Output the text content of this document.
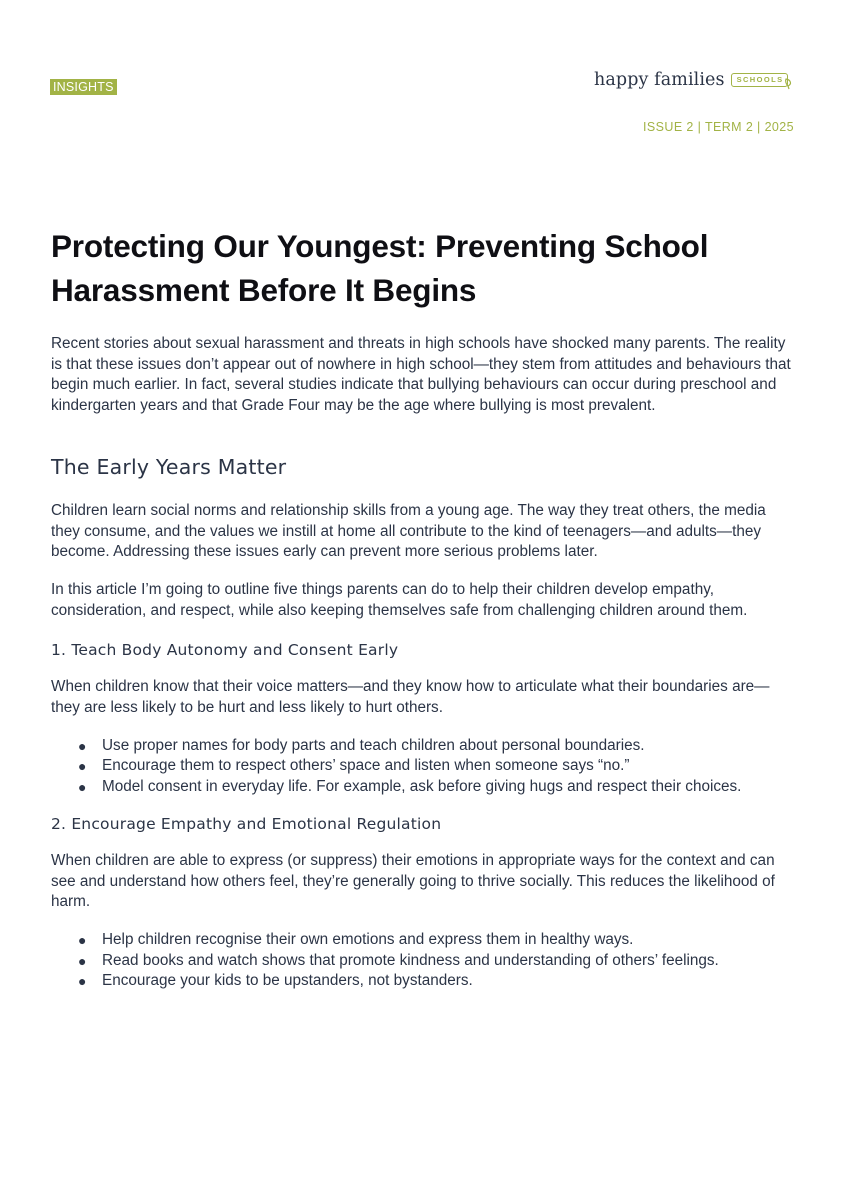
INSIGHTS	happy families	SCHOOLS
ISSUE 2 | TERM 2 | 2025
Protecting Our Youngest: Preventing School Harassment Before It Begins

Recent stories about sexual harassment and threats in high schools have shocked many parents. The reality is that these issues don’t appear out of nowhere in high school—they stem from attitudes and behaviours that begin much earlier. In fact, several studies indicate that bullying behaviours can occur during preschool and kindergarten years and that Grade Four may be the age where bullying is most prevalent.

The Early Years Matter

Children learn social norms and relationship skills from a young age. The way they treat others, the media they consume, and the values we instill at home all contribute to the kind of teenagers—and adults—they become. Addressing these issues early can prevent more serious problems later.

In this article I’m going to outline five things parents can do to help their children develop empathy, consideration, and respect, while also keeping themselves safe from challenging children around them.

1. Teach Body Autonomy and Consent Early

When children know that their voice matters—and they know how to articulate what their boundaries are—they are less likely to be hurt and less likely to hurt others.

● Use proper names for body parts and teach children about personal boundaries.
● Encourage them to respect others’ space and listen when someone says “no.”
● Model consent in everyday life. For example, ask before giving hugs and respect their choices.
2. Encourage Empathy and Emotional Regulation

When children are able to express (or suppress) their emotions in appropriate ways for the context and can see and understand how others feel, they’re generally going to thrive socially. This reduces the likelihood of harm.

● Help children recognise their own emotions and express them in healthy ways.
● Read books and watch shows that promote kindness and understanding of others’ feelings.
● Encourage your kids to be upstanders, not bystanders.
